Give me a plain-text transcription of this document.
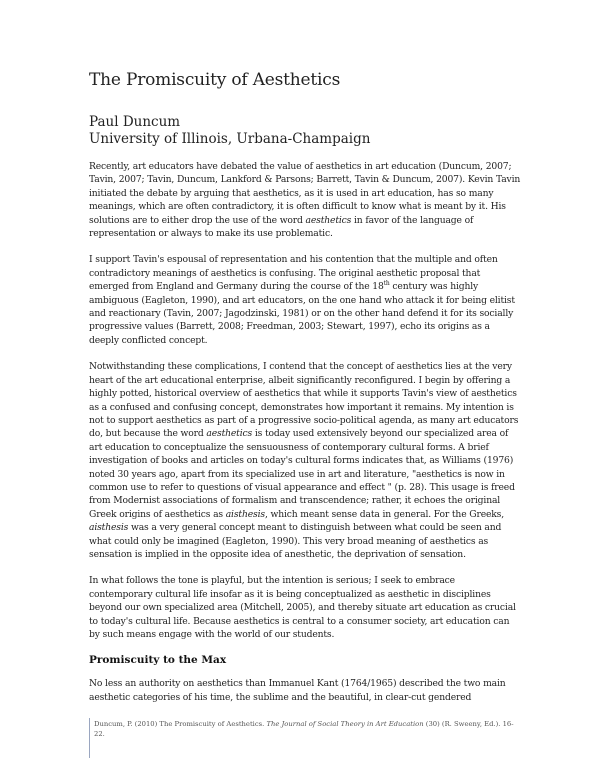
The Promiscuity of Aesthetics
Paul Duncum
University of Illinois, Urbana-Champaign

Recently, art educators have debated the value of aesthetics in art education (Duncum, 2007; Tavin, 2007; Tavin, Duncum, Lankford & Parsons; Barrett, Tavin & Duncum, 2007). Kevin Tavin initiated the debate by arguing that aesthetics, as it is used in art education, has so many meanings, which are often contradictory, it is often difficult to know what is meant by it. His solutions are to either drop the use of the word aesthetics in favor of the language of representation or always to make its use problematic.

I support Tavin's espousal of representation and his contention that the multiple and often contradictory meanings of aesthetics is confusing. The original aesthetic proposal that emerged from England and Germany during the course of the 18th century was highly ambiguous (Eagleton, 1990), and art educators, on the one hand who attack it for being elitist and reactionary (Tavin, 2007; Jagodzinski, 1981) or on the other hand defend it for its socially progressive values (Barrett, 2008; Freedman, 2003; Stewart, 1997), echo its origins as a deeply conflicted concept.

Notwithstanding these complications, I contend that the concept of aesthetics lies at the very heart of the art educational enterprise, albeit significantly reconfigured. I begin by offering a highly potted, historical overview of aesthetics that while it supports Tavin's view of aesthetics as a confused and confusing concept, demonstrates how important it remains. My intention is not to support aesthetics as part of a progressive socio-political agenda, as many art educators do, but because the word aesthetics is today used extensively beyond our specialized area of art education to conceptualize the sensuousness of contemporary cultural forms. A brief investigation of books and articles on today's cultural forms indicates that, as Williams (1976) noted 30 years ago, apart from its specialized use in art and literature, "aesthetics is now in common use to refer to questions of visual appearance and effect " (p. 28). This usage is freed from Modernist associations of formalism and transcendence; rather, it echoes the original Greek origins of aesthetics as aisthesis, which meant sense data in general. For the Greeks, aisthesis was a very general concept meant to distinguish between what could be seen and what could only be imagined (Eagleton, 1990). This very broad meaning of aesthetics as sensation is implied in the opposite idea of anesthetic, the deprivation of sensation.

In what follows the tone is playful, but the intention is serious; I seek to embrace contemporary cultural life insofar as it is being conceptualized as aesthetic in disciplines beyond our own specialized area (Mitchell, 2005), and thereby situate art education as crucial to today's cultural life. Because aesthetics is central to a consumer society, art education can by such means engage with the world of our students.

Promiscuity to the Max

No less an authority on aesthetics than Immanuel Kant (1764/1965) described the two main aesthetic categories of his time, the sublime and the beautiful, in clear-cut gendered

Duncum, P. (2010) The Promiscuity of Aesthetics. The Journal of Social Theory in Art Education (30) (R. Sweeny, Ed.). 16-22.
